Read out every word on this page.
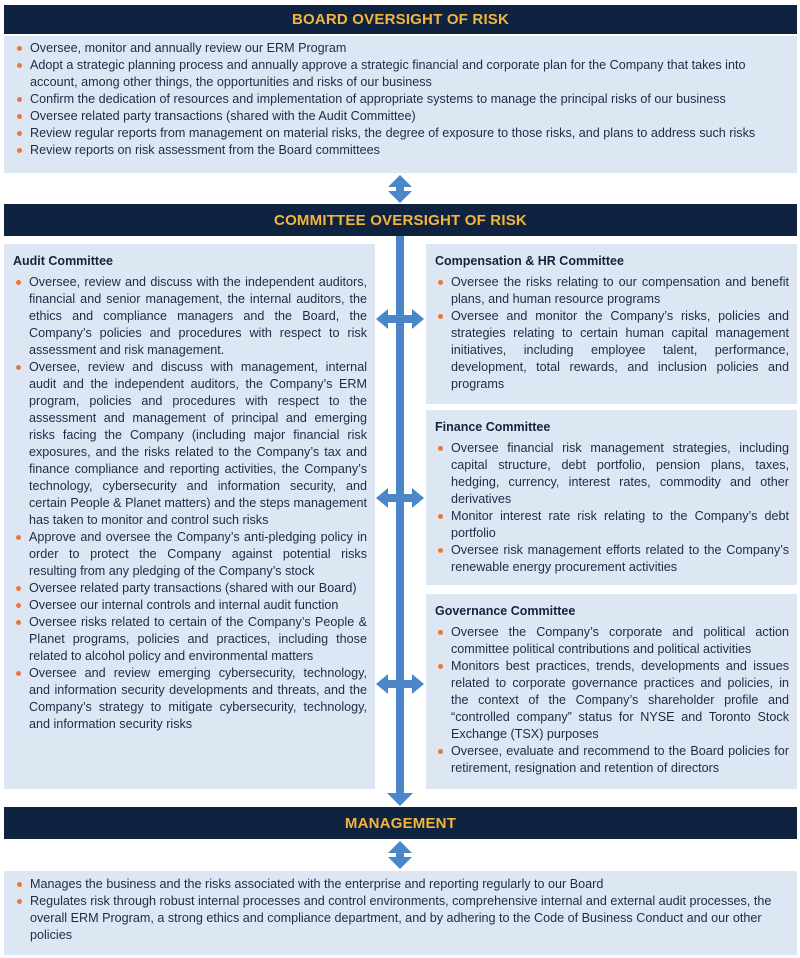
BOARD OVERSIGHT OF RISK
Oversee, monitor and annually review our ERM Program
Adopt a strategic planning process and annually approve a strategic financial and corporate plan for the Company that takes into account, among other things, the opportunities and risks of our business
Confirm the dedication of resources and implementation of appropriate systems to manage the principal risks of our business
Oversee related party transactions (shared with the Audit Committee)
Review regular reports from management on material risks, the degree of exposure to those risks, and plans to address such risks
Review reports on risk assessment from the Board committees
COMMITTEE OVERSIGHT OF RISK
Audit Committee
Oversee, review and discuss with the independent auditors, financial and senior management, the internal auditors, the ethics and compliance managers and the Board, the Company’s policies and procedures with respect to risk assessment and risk management.
Oversee, review and discuss with management, internal audit and the independent auditors, the Company’s ERM program, policies and procedures with respect to the assessment and management of principal and emerging risks facing the Company (including major financial risk exposures, and the risks related to the Company’s tax and finance compliance and reporting activities, the Company’s technology, cybersecurity and information security, and certain People & Planet matters) and the steps management has taken to monitor and control such risks
Approve and oversee the Company’s anti-pledging policy in order to protect the Company against potential risks resulting from any pledging of the Company’s stock
Oversee related party transactions (shared with our Board)
Oversee our internal controls and internal audit function
Oversee risks related to certain of the Company’s People & Planet programs, policies and practices, including those related to alcohol policy and environmental matters
Oversee and review emerging cybersecurity, technology, and information security developments and threats, and the Company’s strategy to mitigate cybersecurity, technology, and information security risks
Compensation & HR Committee
Oversee the risks relating to our compensation and benefit plans, and human resource programs
Oversee and monitor the Company’s risks, policies and strategies relating to certain human capital management initiatives, including employee talent, performance, development, total rewards, and inclusion policies and programs
Finance Committee
Oversee financial risk management strategies, including capital structure, debt portfolio, pension plans, taxes, hedging, currency, interest rates, commodity and other derivatives
Monitor interest rate risk relating to the Company’s debt portfolio
Oversee risk management efforts related to the Company’s renewable energy procurement activities
Governance Committee
Oversee the Company’s corporate and political action committee political contributions and political activities
Monitors best practices, trends, developments and issues related to corporate governance practices and policies, in the context of the Company’s shareholder profile and “controlled company” status for NYSE and Toronto Stock Exchange (TSX) purposes
Oversee, evaluate and recommend to the Board policies for retirement, resignation and retention of directors
MANAGEMENT
Manages the business and the risks associated with the enterprise and reporting regularly to our Board
Regulates risk through robust internal processes and control environments, comprehensive internal and external audit processes, the overall ERM Program, a strong ethics and compliance department, and by adhering to the Code of Business Conduct and our other policies
